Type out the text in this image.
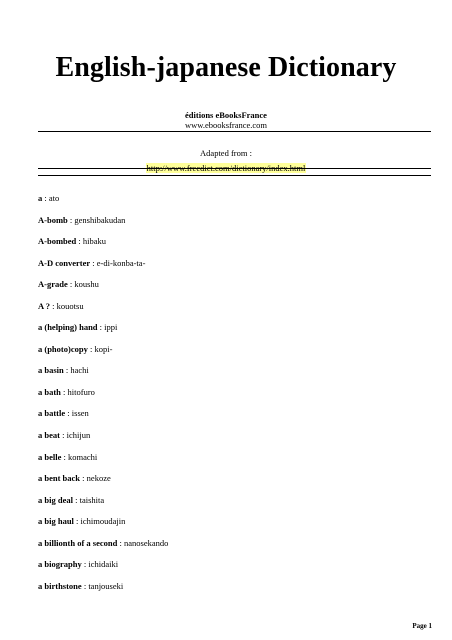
English-japanese Dictionary
éditions eBooksFrance
www.ebooksfrance.com
Adapted from :
http://www.freedict.com/dictionary/index.html
a : ato
A-bomb : genshibakudan
A-bombed : hibaku
A-D converter : e-di-konba-ta-
A-grade : koushu
A ? : kouotsu
a (helping) hand : ippi
a (photo)copy : kopi-
a basin : hachi
a bath : hitofuro
a battle : issen
a beat : ichijun
a belle : komachi
a bent back : nekoze
a big deal : taishita
a big haul : ichimoudajin
a billionth of a second : nanosekando
a biography : ichidaiki
a birthstone : tanjouseki
Page 1
